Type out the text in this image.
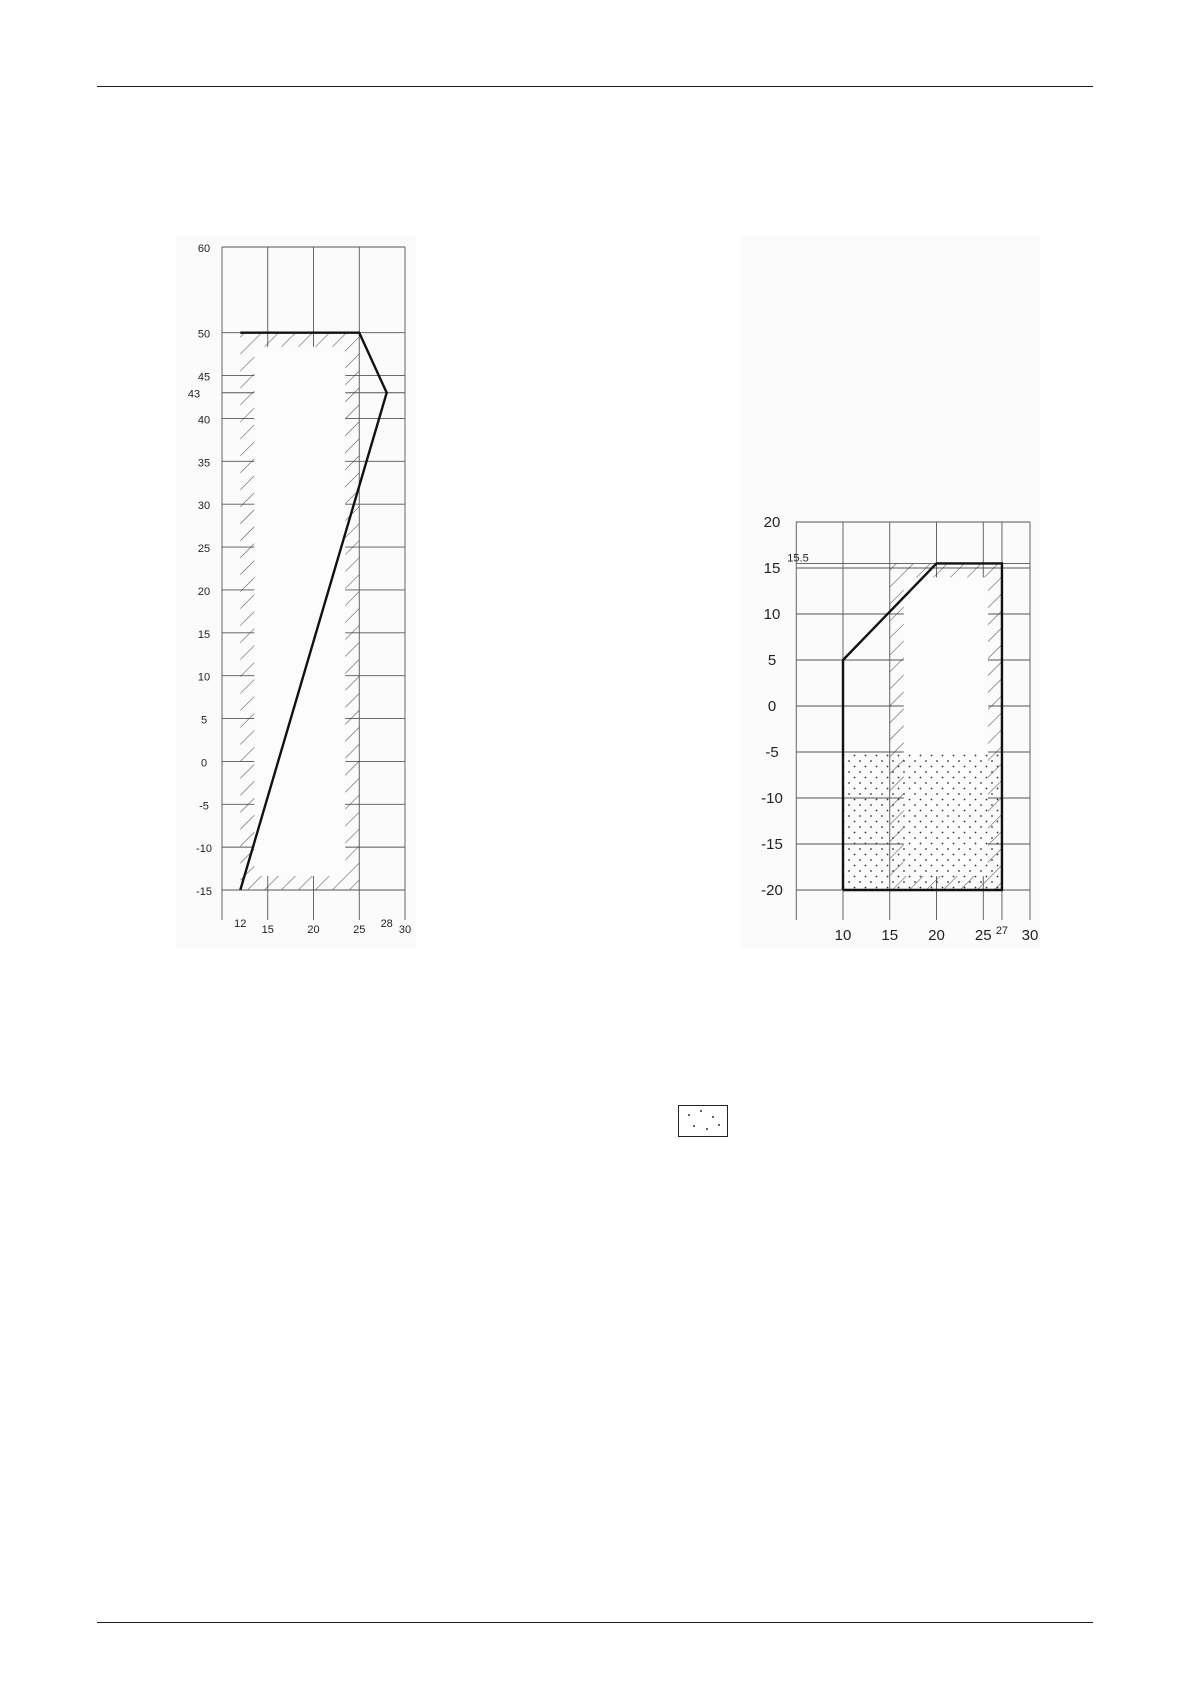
12 15	20	25 28 30
-15
-10
-5
0
5
10
15
20
25
30
35
40
43
45
50
60
10 15 20 25 27 30
-20
-15
-10
-5
0
5
10
15
15.5
20
